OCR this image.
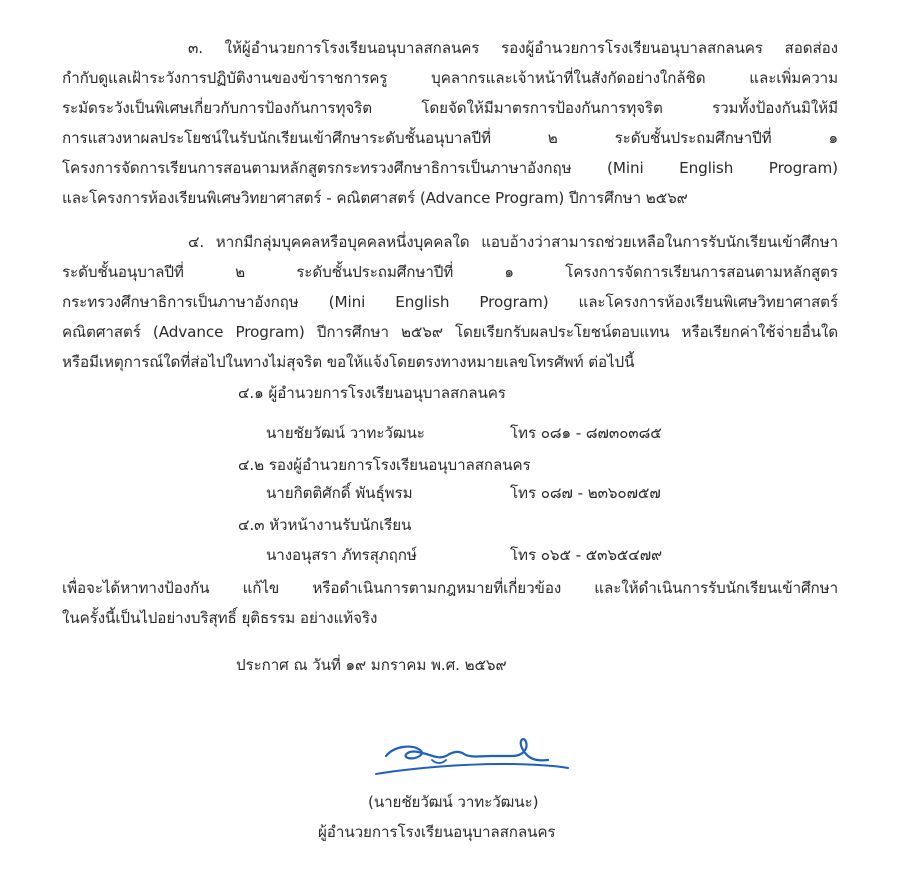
๓. ให้ผู้อำนวยการโรงเรียนอนุบาลสกลนคร รองผู้อำนวยการโรงเรียนอนุบาลสกลนคร สอดส่อง
กำกับดูแลเฝ้าระวังการปฏิบัติงานของข้าราชการครู บุคลากรและเจ้าหน้าที่ในสังกัดอย่างใกล้ชิด และเพิ่มความ
ระมัดระวังเป็นพิเศษเกี่ยวกับการป้องกันการทุจริต โดยจัดให้มีมาตรการป้องกันการทุจริต รวมทั้งป้องกันมิให้มี
การแสวงหาผลประโยชน์ในรับนักเรียนเข้าศึกษาระดับชั้นอนุบาลปีที่ ๒ ระดับชั้นประถมศึกษาปีที่ ๑
โครงการจัดการเรียนการสอนตามหลักสูตรกระทรวงศึกษาธิการเป็นภาษาอังกฤษ (Mini English Program)
และโครงการห้องเรียนพิเศษวิทยาศาสตร์ - คณิตศาสตร์ (Advance Program) ปีการศึกษา ๒๕๖๙
๔. หากมีกลุ่มบุคคลหรือบุคคลหนึ่งบุคคลใด แอบอ้างว่าสามารถช่วยเหลือในการรับนักเรียนเข้าศึกษา
ระดับชั้นอนุบาลปีที่ ๒ ระดับชั้นประถมศึกษาปีที่ ๑ โครงการจัดการเรียนการสอนตามหลักสูตร
กระทรวงศึกษาธิการเป็นภาษาอังกฤษ (Mini English Program) และโครงการห้องเรียนพิเศษวิทยาศาสตร์
คณิตศาสตร์ (Advance Program) ปีการศึกษา ๒๕๖๙ โดยเรียกรับผลประโยชน์ตอบแทน หรือเรียกค่าใช้จ่ายอื่นใด
หรือมีเหตุการณ์ใดที่ส่อไปในทางไม่สุจริต ขอให้แจ้งโดยตรงทางหมายเลขโทรศัพท์ ต่อไปนี้
๔.๑ ผู้อำนวยการโรงเรียนอนุบาลสกลนคร
นายชัยวัฒน์ วาทะวัฒนะ	โทร ๐๘๑ - ๘๗๓๐๓๘๕
๔.๒ รองผู้อำนวยการโรงเรียนอนุบาลสกลนคร
นายกิตติศักดิ์ พันธุ์พรม	โทร ๐๘๗ - ๒๓๖๐๗๕๗
๔.๓ หัวหน้างานรับนักเรียน
นางอนุสรา ภัทรสุภฤกษ์	โทร ๐๖๕ - ๕๓๖๕๔๗๙
เพื่อจะได้หาทางป้องกัน แก้ไข หรือดำเนินการตามกฎหมายที่เกี่ยวข้อง และให้ดำเนินการรับนักเรียนเข้าศึกษา
ในครั้งนี้เป็นไปอย่างบริสุทธิ์ ยุติธรรม อย่างแท้จริง
ประกาศ ณ วันที่ ๑๙ มกราคม พ.ศ. ๒๕๖๙
(นายชัยวัฒน์ วาทะวัฒนะ)
ผู้อำนวยการโรงเรียนอนุบาลสกลนคร
